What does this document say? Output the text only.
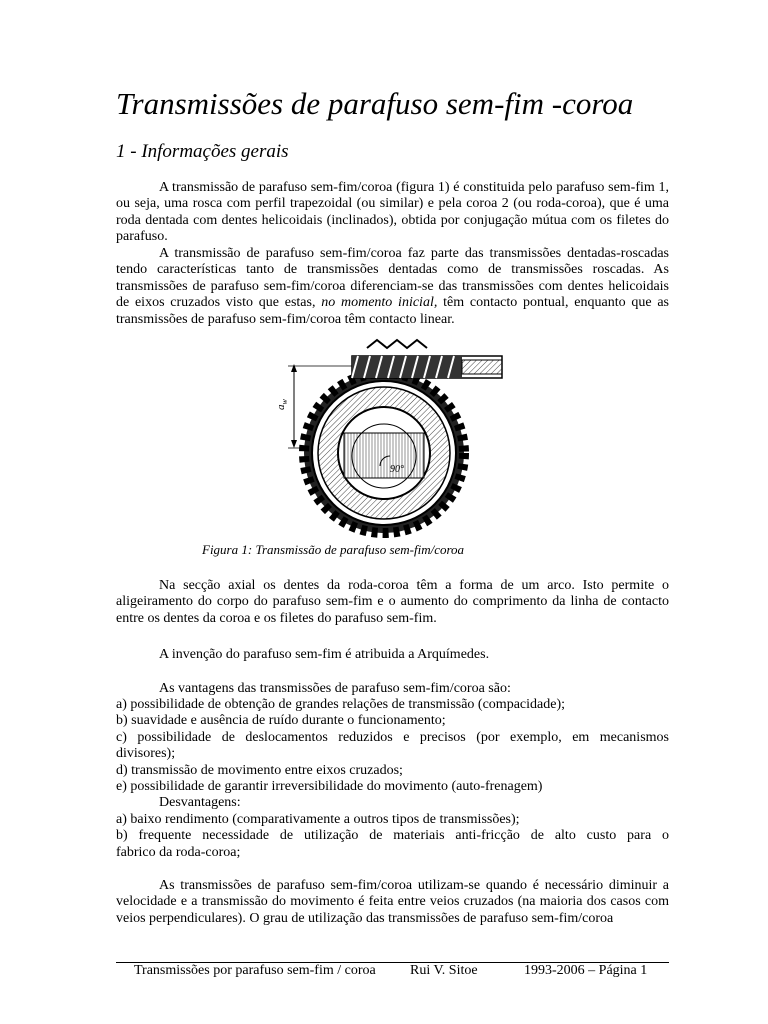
Transmissões de parafuso sem-fim -coroa
1 - Informações gerais

A transmissão de parafuso sem-fim/coroa (figura 1) é constituida pelo parafuso sem-fim 1, ou seja, uma rosca com perfil trapezoidal (ou similar) e pela coroa 2 (ou roda-coroa), que é uma roda dentada com dentes helicoidais (inclinados), obtida por conjugação mútua com os filetes do parafuso.

A transmissão de parafuso sem-fim/coroa faz parte das transmissões dentadas-roscadas tendo características tanto de transmissões dentadas como de transmissões roscadas. As transmissões de parafuso sem-fim/coroa diferenciam-se das transmissões com dentes helicoidais de eixos cruzados visto que estas, no momento inicial, têm contacto pontual, enquanto que as transmissões de parafuso sem-fim/coroa têm contacto linear.

$a_w$
90°

Figura 1: Transmissão de parafuso sem-fim/coroa

Na secção axial os dentes da roda-coroa têm a forma de um arco. Isto permite o aligeiramento do corpo do parafuso sem-fim e o aumento do comprimento da linha de contacto entre os dentes da coroa e os filetes do parafuso sem-fim.

A invenção do parafuso sem-fim é atribuida a Arquímedes.

As vantagens das transmissões de parafuso sem-fim/coroa são:

a) possibilidade de obtenção de grandes relações de transmissão (compacidade);

b) suavidade e ausência de ruído durante o funcionamento;

c) possibilidade de deslocamentos reduzidos e precisos (por exemplo, em mecanismos

divisores);

d) transmissão de movimento entre eixos cruzados;

e) possibilidade de garantir irreversibilidade do movimento (auto-frenagem)

Desvantagens:

a) baixo rendimento (comparativamente a outros tipos de transmissões);

b) frequente necessidade de utilização de materiais anti-fricção de alto custo para o

fabrico da roda-coroa;

As transmissões de parafuso sem-fim/coroa utilizam-se quando é necessário diminuir a velocidade e a transmissão do movimento é feita entre veios cruzados (na maioria dos casos com veios perpendiculares). O grau de utilização das transmissões de parafuso sem-fim/coroa

Transmissões por parafuso sem-fim / coroa Rui V. Sitoe	1993-2006 – Página 1
